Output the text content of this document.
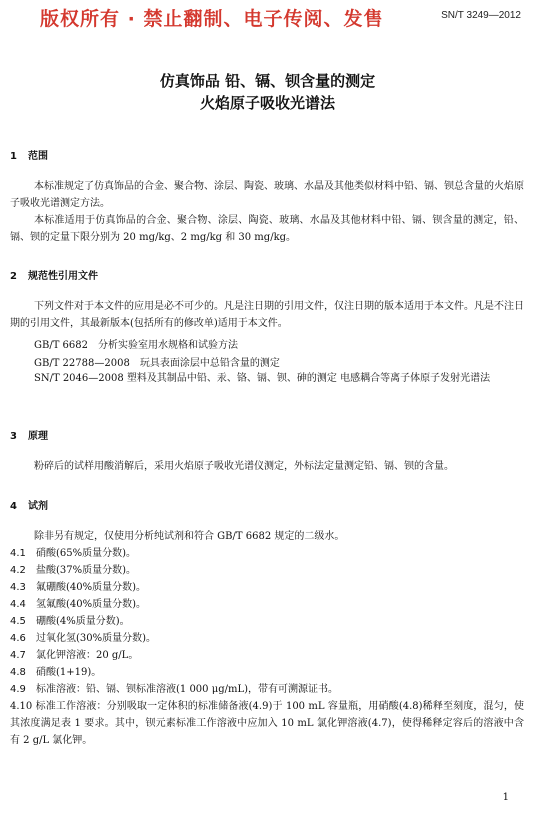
版权所有 · 禁止翻制、电子传阅、发售	SN/T 3249—2012
仿真饰品 铅、镉、钡含量的测定
火焰原子吸收光谱法
1 范围
本标准规定了仿真饰品的合金、聚合物、涂层、陶瓷、玻璃、水晶及其他类似材料中铅、镉、钡总含量的火焰原子吸收光谱测定方法。
本标准适用于仿真饰品的合金、聚合物、涂层、陶瓷、玻璃、水晶及其他材料中铅、镉、钡含量的测定，铅、镉、钡的定量下限分别为 20 mg/kg、2 mg/kg 和 30 mg/kg。
2 规范性引用文件
下列文件对于本文件的应用是必不可少的。凡是注日期的引用文件，仅注日期的版本适用于本文件。凡是不注日期的引用文件，其最新版本(包括所有的修改单)适用于本文件。
GB/T 6682 分析实验室用水规格和试验方法
GB/T 22788—2008 玩具表面涂层中总铅含量的测定
SN/T 2046—2008 塑料及其制品中铅、汞、铬、镉、钡、砷的测定 电感耦合等离子体原子发射光谱法
3 原理
粉碎后的试样用酸消解后，采用火焰原子吸收光谱仪测定，外标法定量测定铅、镉、钡的含量。
4 试剂
除非另有规定，仅使用分析纯试剂和符合 GB/T 6682 规定的二级水。
4.1 硝酸(65%质量分数)。
4.2 盐酸(37%质量分数)。
4.3 氟硼酸(40%质量分数)。
4.4 氢氟酸(40%质量分数)。
4.5 硼酸(4%质量分数)。
4.6 过氧化氢(30%质量分数)。
4.7 氯化钾溶液：20 g/L。
4.8 硝酸(1+19)。
4.9 标准溶液：铅、镉、钡标准溶液(1 000 μg/mL)，带有可溯源证书。
4.10 标准工作溶液：分别吸取一定体积的标准储备液(4.9)于 100 mL 容量瓶，用硝酸(4.8)稀释至刻度，混匀，使其浓度满足表 1 要求。其中，钡元素标准工作溶液中应加入 10 mL 氯化钾溶液(4.7)，使得稀释定容后的溶液中含有 2 g/L 氯化钾。
1
